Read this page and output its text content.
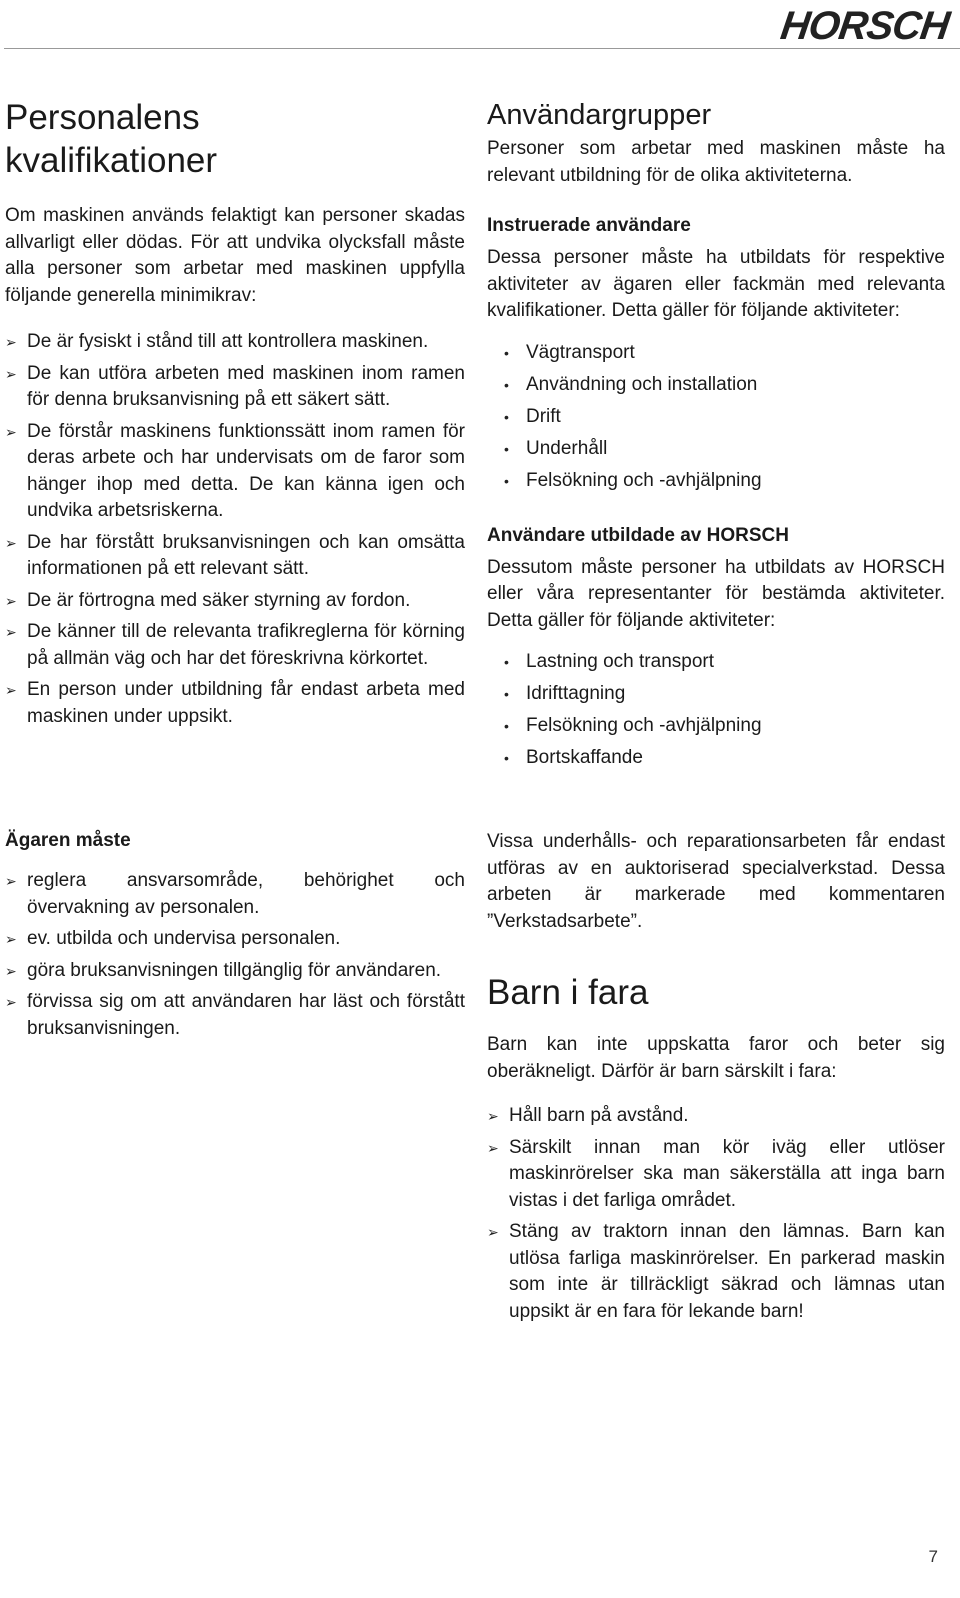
HORSCH
Personalens kvalifikationer

Om maskinen används felaktigt kan personer skadas allvarligt eller dödas. För att undvika olycksfall måste alla personer som arbetar med maskinen uppfylla följande generella minimikrav:

➢ De är fysiskt i stånd till att kontrollera maskinen.
➢ De kan utföra arbeten med maskinen inom ramen för denna bruksanvisning på ett säkert sätt.
➢ De förstår maskinens funktionssätt inom ramen för deras arbete och har undervisats om de faror som hänger ihop med detta. De kan känna igen och undvika arbetsriskerna.
➢ De har förstått bruksanvisningen och kan omsätta informationen på ett relevant sätt.
➢ De är förtrogna med säker styrning av fordon.
➢ De känner till de relevanta trafikreglerna för körning på allmän väg och har det föreskrivna körkortet.
➢ En person under utbildning får endast arbeta med maskinen under uppsikt.
Ägaren måste
➢ reglera ansvarsområde, behörighet och övervakning av personalen.
➢ ev. utbilda och undervisa personalen.
➢ göra bruksanvisningen tillgänglig för användaren.
➢ förvissa sig om att användaren har läst och förstått bruksanvisningen.
Användargrupper

Personer som arbetar med maskinen måste ha relevant utbildning för de olika aktiviteterna.

Instruerade användare

Dessa personer måste ha utbildats för respektive aktiviteter av ägaren eller fackmän med relevanta kvalifikationer. Detta gäller för följande aktiviteter:

• Vägtransport
• Användning och installation
• Drift
• Underhåll
• Felsökning och -avhjälpning
Användare utbildade av HORSCH

Dessutom måste personer ha utbildats av HORSCH eller våra representanter för bestämda aktiviteter. Detta gäller för följande aktiviteter:

• Lastning och transport
• Idrifttagning
• Felsökning och -avhjälpning
• Bortskaffande

Vissa underhålls- och reparationsarbeten får endast utföras av en auktoriserad specialverkstad. Dessa arbeten är markerade med kommentaren ”Verkstadsarbete”.

Barn i fara

Barn kan inte uppskatta faror och beter sig oberäkneligt. Därför är barn särskilt i fara:

➢ Håll barn på avstånd.
➢ Särskilt innan man kör iväg eller utlöser maskinrörelser ska man säkerställa att inga barn vistas i det farliga området.
➢ Stäng av traktorn innan den lämnas. Barn kan utlösa farliga maskinrörelser. En parkerad maskin som inte är tillräckligt säkrad och lämnas utan uppsikt är en fara för lekande barn!
7
